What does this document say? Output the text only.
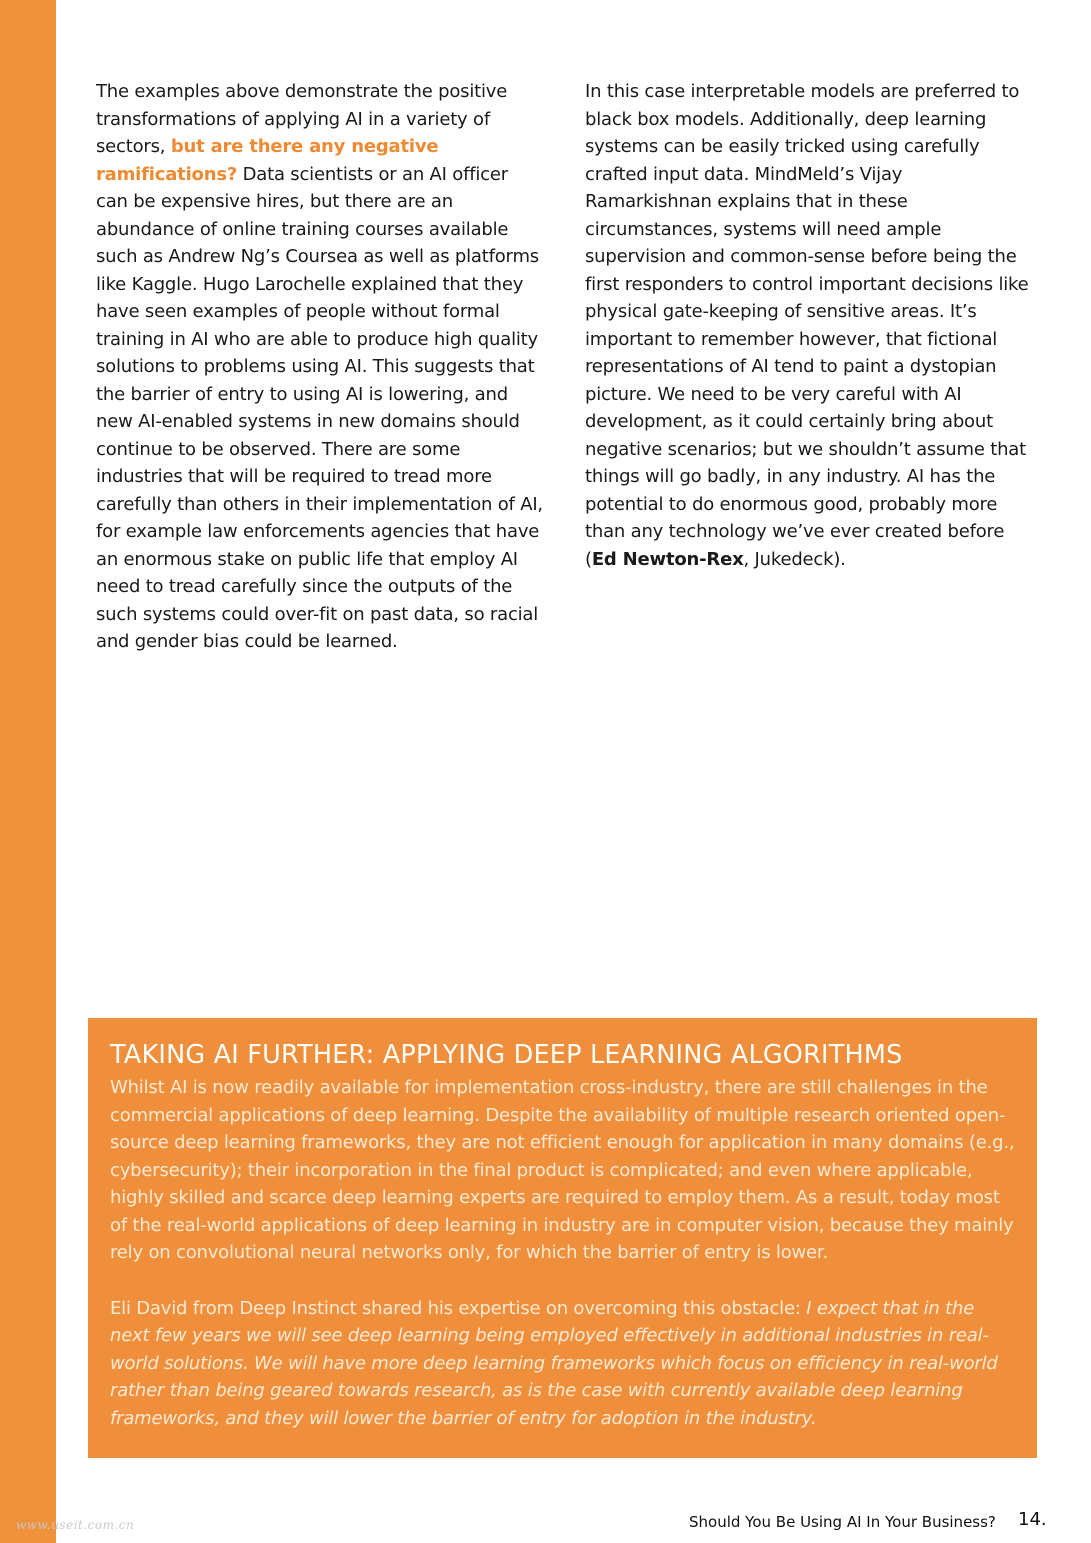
The examples above demonstrate the positive transformations of applying AI in a variety of sectors, but are there any negative ramifications? Data scientists or an AI officer can be expensive hires, but there are an abundance of online training courses available such as Andrew Ng’s Coursea as well as platforms like Kaggle. Hugo Larochelle explained that they have seen examples of people without formal training in AI who are able to produce high quality solutions to problems using AI. This suggests that the barrier of entry to using AI is lowering, and new AI-enabled systems in new domains should continue to be observed. There are some industries that will be required to tread more carefully than others in their implementation of AI, for example law enforcements agencies that have an enormous stake on public life that employ AI need to tread carefully since the outputs of the such systems could over-fit on past data, so racial and gender bias could be learned.

In this case interpretable models are preferred to black box models. Additionally, deep learning systems can be easily tricked using carefully crafted input data. MindMeld’s Vijay Ramarkishnan explains that in these circumstances, systems will need ample supervision and common-sense before being the first responders to control important decisions like physical gate-keeping of sensitive areas. It’s important to remember however, that fictional representations of AI tend to paint a dystopian picture. We need to be very careful with AI development, as it could certainly bring about negative scenarios; but we shouldn’t assume that things will go badly, in any industry. AI has the potential to do enormous good, probably more than any technology we’ve ever created before (Ed Newton-Rex, Jukedeck).

TAKING AI FURTHER: APPLYING DEEP LEARNING ALGORITHMS

Whilst AI is now readily available for implementation cross-industry, there are still challenges in the commercial applications of deep learning. Despite the availability of multiple research oriented open-source deep learning frameworks, they are not efficient enough for application in many domains (e.g., cybersecurity); their incorporation in the final product is complicated; and even where applicable, highly skilled and scarce deep learning experts are required to employ them. As a result, today most of the real-world applications of deep learning in industry are in computer vision, because they mainly rely on convolutional neural networks only, for which the barrier of entry is lower.

Eli David from Deep Instinct shared his expertise on overcoming this obstacle: I expect that in the next few years we will see deep learning being employed effectively in additional industries in real-world solutions. We will have more deep learning frameworks which focus on efficiency in real-world rather than being geared towards research, as is the case with currently available deep learning frameworks, and they will lower the barrier of entry for adoption in the industry.

www.useit.com.cn	Should You Be Using AI In Your Business? 14.
